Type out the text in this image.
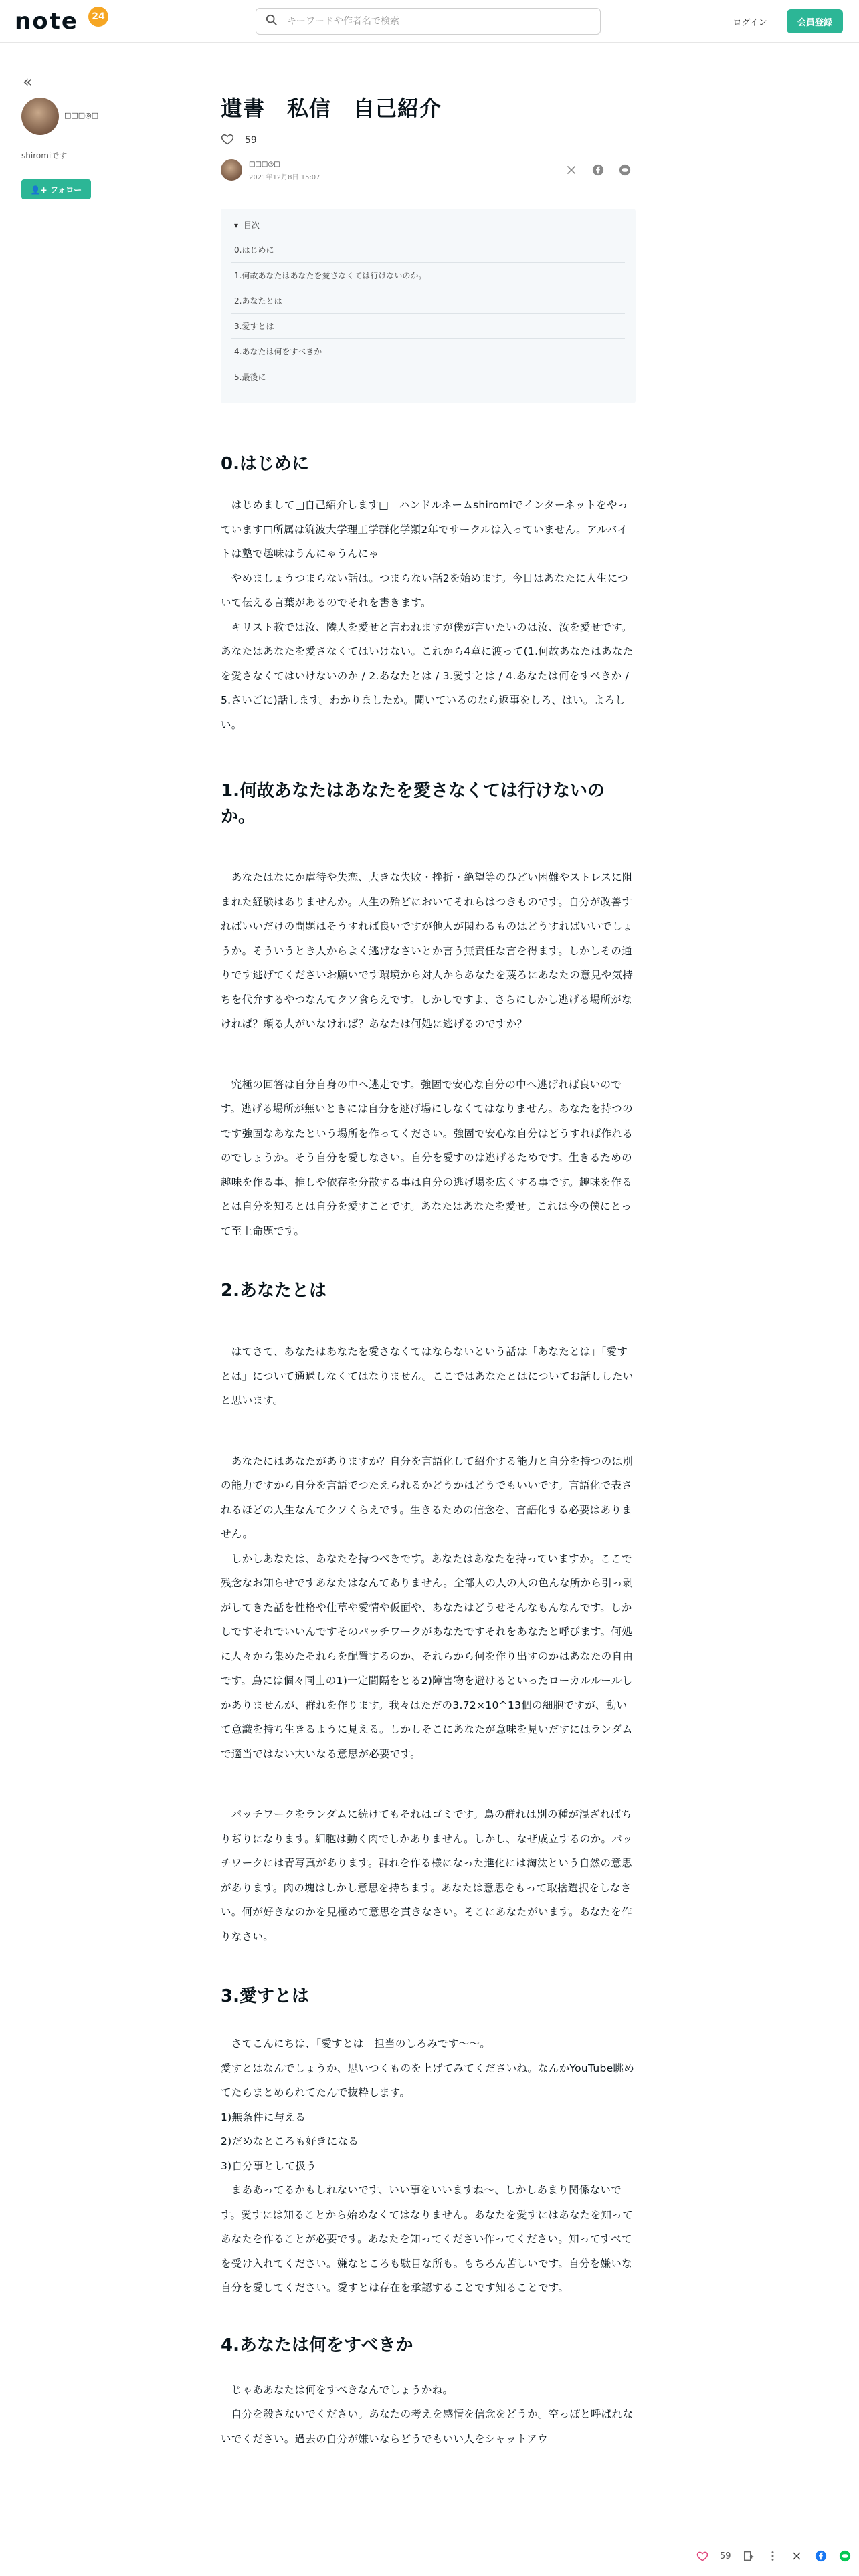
note	24
キーワードや作者名で検索
ログイン	会員登録
«
□□□◎□
shiromiです
👤+ フォロー
遺書　私信　自己紹介
59
□□□◎□
2021年12月8日 15:07
▾ 目次
0.はじめに
1.何故あなたはあなたを愛さなくては行けないのか。
2.あなたとは
3.愛すとは
4.あなたは何をすべきか
5.最後に
0.はじめに

　はじめまして□自己紹介します□　ハンドルネームshiromiでインターネットをやっています□所属は筑波大学理工学群化学類2年でサークルは入っていません。アルバイトは塾で趣味はうんにゃうんにゃ

　やめましょうつまらない話は。つまらない話2を始めます。今日はあなたに人生について伝える言葉があるのでそれを書きます。

　キリスト教では汝、隣人を愛せと言われますが僕が言いたいのは汝、汝を愛せです。あなたはあなたを愛さなくてはいけない。これから4章に渡って(1.何故あなたはあなたを愛さなくてはいけないのか / 2.あなたとは / 3.愛すとは / 4.あなたは何をすべきか / 5.さいごに)話します。わかりましたか。聞いているのなら返事をしろ、はい。よろしい。

1.何故あなたはあなたを愛さなくては行けないのか。

　あなたはなにか虐待や失恋、大きな失敗・挫折・絶望等のひどい困難やストレスに阻まれた経験はありませんか。人生の殆どにおいてそれらはつきものです。自分が改善すればいいだけの問題はそうすれば良いですが他人が関わるものはどうすればいいでしょうか。そういうとき人からよく逃げなさいとか言う無責任な言を得ます。しかしその通りです逃げてくださいお願いです環境から対人からあなたを蔑ろにあなたの意見や気持ちを代弁するやつなんてクソ食らえです。しかしですよ、さらにしかし逃げる場所がなければ？頼る人がいなければ？あなたは何処に逃げるのですか？

　究極の回答は自分自身の中へ逃走です。強固で安心な自分の中へ逃げれば良いのです。逃げる場所が無いときには自分を逃げ場にしなくてはなりません。あなたを持つのです強固なあなたという場所を作ってください。強固で安心な自分はどうすれば作れるのでしょうか。そう自分を愛しなさい。自分を愛すのは逃げるためです。生きるための趣味を作る事、推しや依存を分散する事は自分の逃げ場を広くする事です。趣味を作るとは自分を知るとは自分を愛すことです。あなたはあなたを愛せ。これは今の僕にとって至上命題です。

2.あなたとは

　はてさて、あなたはあなたを愛さなくてはならないという話は「あなたとは」「愛すとは」について通過しなくてはなりません。ここではあなたとはについてお話ししたいと思います。

　あなたにはあなたがありますか？自分を言語化して紹介する能力と自分を持つのは別の能力ですから自分を言語でつたえられるかどうかはどうでもいいです。言語化で表されるほどの人生なんてクソくらえです。生きるための信念を、言語化する必要はありません。

　しかしあなたは、あなたを持つべきです。あなたはあなたを持っていますか。ここで残念なお知らせですあなたはなんてありません。全部人の人の人の色んな所から引っ剥がしてきた話を性格や仕草や愛情や仮面や、あなたはどうせそんなもんなんです。しかしですそれでいいんですそのパッチワークがあなたですそれをあなたと呼びます。何処に人々から集めたそれらを配置するのか、それらから何を作り出すのかはあなたの自由です。鳥には個々同士の1)一定間隔をとる2)障害物を避けるといったローカルルールしかありませんが、群れを作ります。我々はただの3.72×10^13個の細胞ですが、動いて意識を持ち生きるように見える。しかしそこにあなたが意味を見いだすにはランダムで適当ではない大いなる意思が必要です。

　パッチワークをランダムに続けてもそれはゴミです。鳥の群れは別の種が混ざればちりぢりになります。細胞は動く肉でしかありません。しかし、なぜ成立するのか。パッチワークには青写真があります。群れを作る様になった進化には淘汰という自然の意思があります。肉の塊はしかし意思を持ちます。あなたは意思をもって取捨選択をしなさい。何が好きなのかを見極めて意思を貫きなさい。そこにあなたがいます。あなたを作りなさい。

3.愛すとは

　さてこんにちは、「愛すとは」担当のしろみです〜〜。

愛すとはなんでしょうか、思いつくものを上げてみてくださいね。なんかYouTube眺めてたらまとめられてたんで抜粋します。

1)無条件に与える

2)だめなところも好きになる

3)自分事として扱う

　まああってるかもしれないです、いい事をいいますね〜、しかしあまり関係ないです。愛すには知ることから始めなくてはなりません。あなたを愛すにはあなたを知ってあなたを作ることが必要です。あなたを知ってください作ってください。知ってすべてを受け入れてください。嫌なところも駄目な所も。もちろん苦しいです。自分を嫌いな自分を愛してください。愛すとは存在を承認することです知ることです。

4.あなたは何をすべきか

　じゃああなたは何をすべきなんでしょうかね。

　自分を殺さないでください。あなたの考えを感情を信念をどうか。空っぽと呼ばれないでください。過去の自分が嫌いならどうでもいい人をシャットアウ

59
